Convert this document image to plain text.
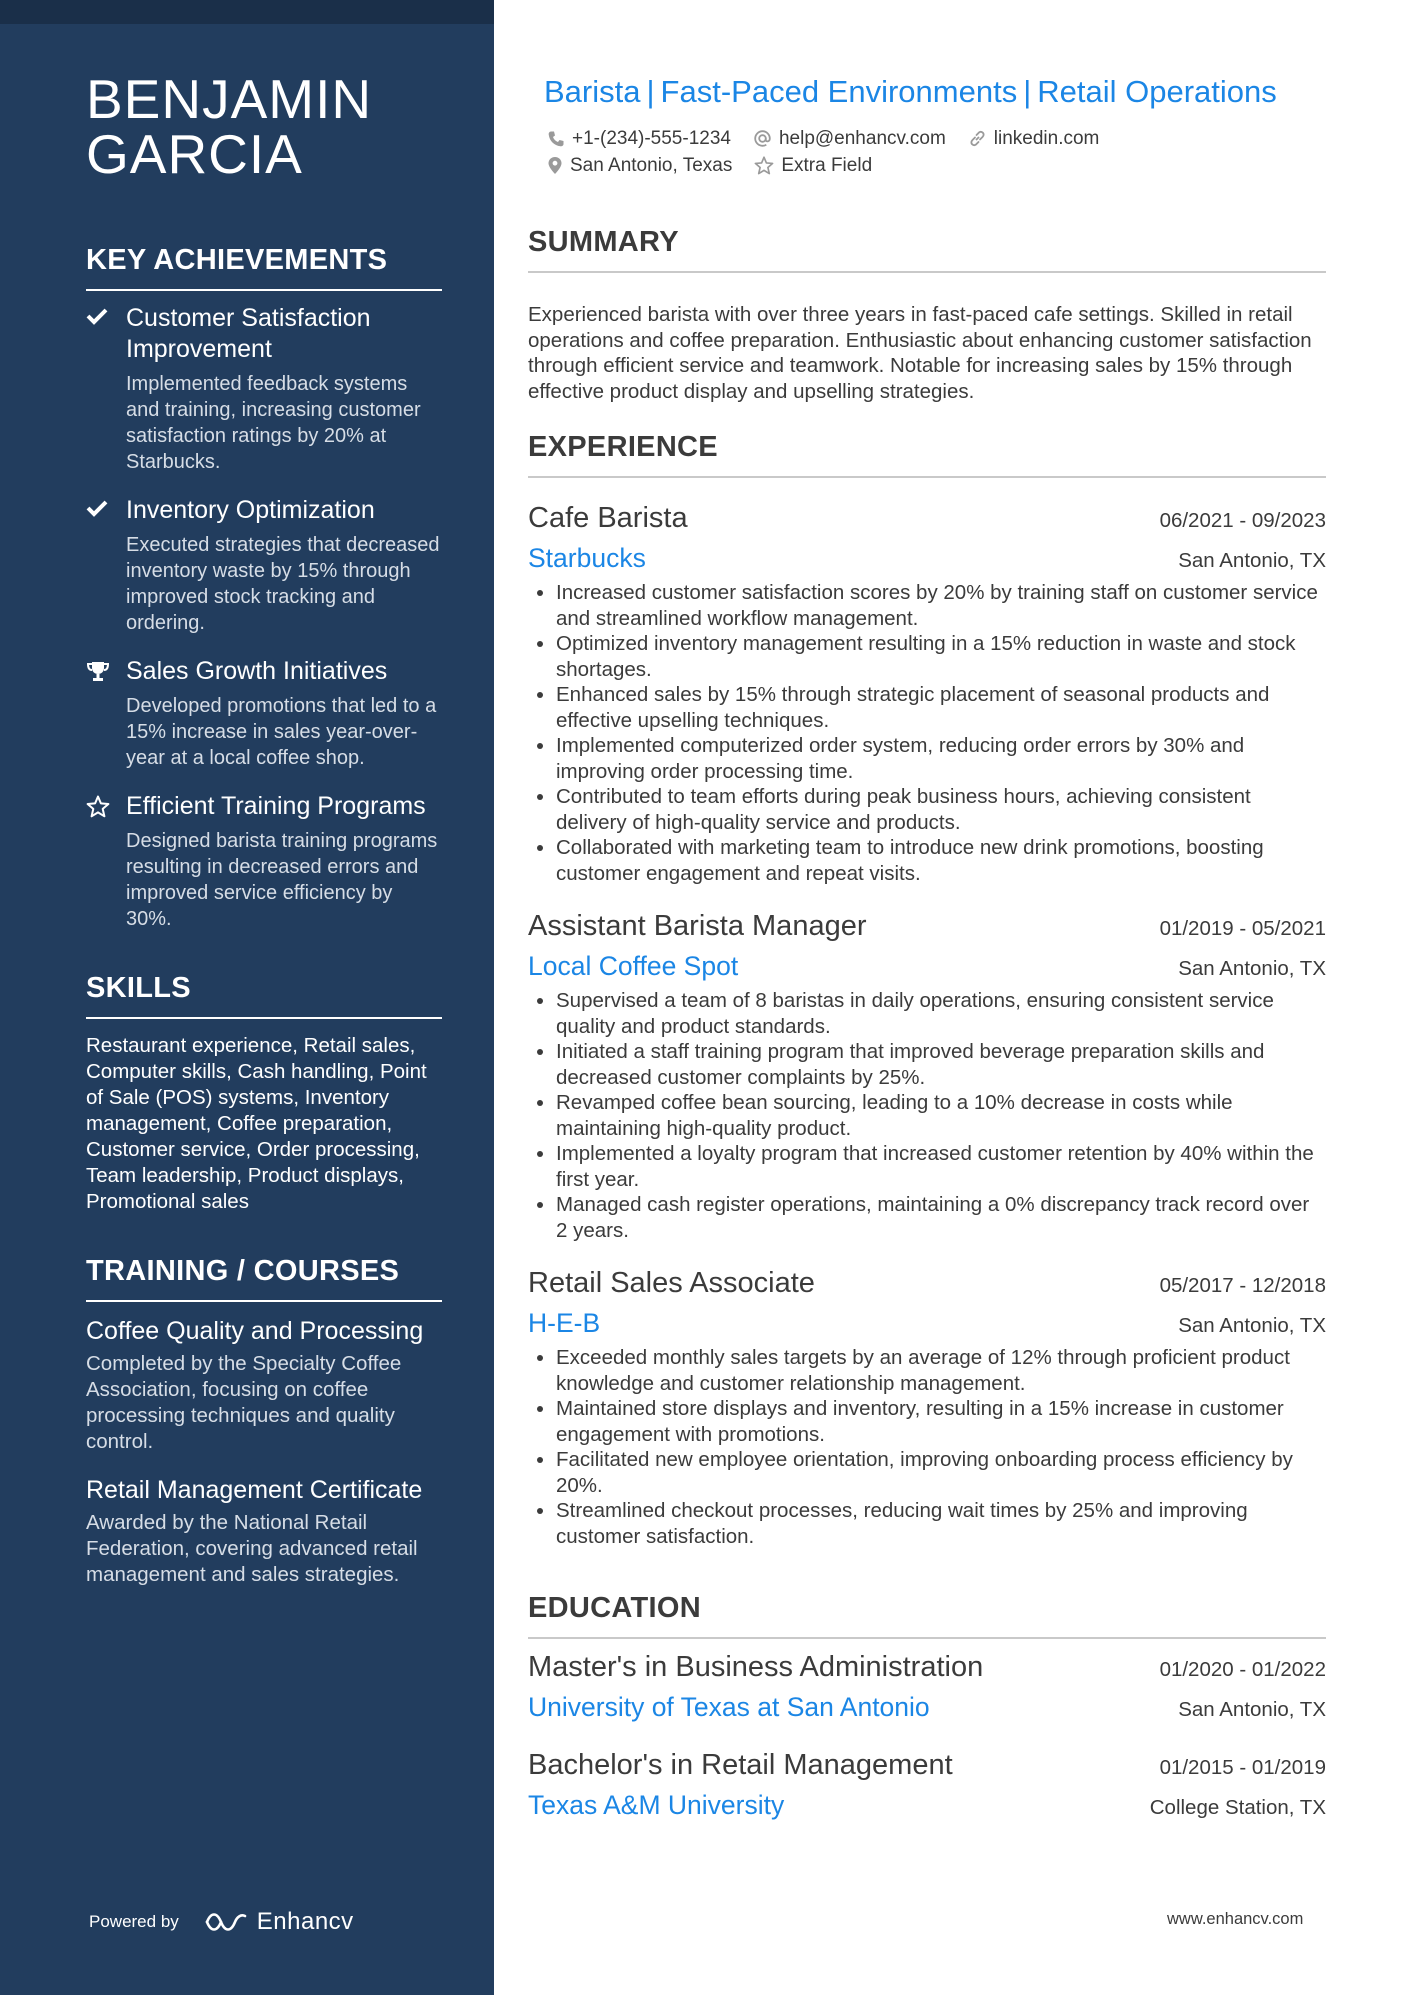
BENJAMIN
GARCIA
KEY ACHIEVEMENTS
Customer Satisfaction Improvement
Implemented feedback systems and training, increasing customer satisfaction ratings by 20% at Starbucks.
Inventory Optimization
Executed strategies that decreased inventory waste by 15% through improved stock tracking and ordering.
Sales Growth Initiatives
Developed promotions that led to a 15% increase in sales year-over-year at a local coffee shop.
Efficient Training Programs
Designed barista training programs resulting in decreased errors and improved service efficiency by 30%.
SKILLS
Restaurant experience, Retail sales, Computer skills, Cash handling, Point of Sale (POS) systems, Inventory management, Coffee preparation, Customer service, Order processing, Team leadership, Product displays, Promotional sales
TRAINING / COURSES
Coffee Quality and Processing
Completed by the Specialty Coffee Association, focusing on coffee processing techniques and quality control.
Retail Management Certificate
Awarded by the National Retail Federation, covering advanced retail management and sales strategies.
Powered by	Enhancv
Barista | Fast-Paced Environments | Retail Operations
+1-(234)-555-1234	help@enhancv.com	linkedin.com
San Antonio, Texas	Extra Field
SUMMARY
Experienced barista with over three years in fast-paced cafe settings. Skilled in retail operations and coffee preparation. Enthusiastic about enhancing customer satisfaction through efficient service and teamwork. Notable for increasing sales by 15% through effective product display and upselling strategies.
EXPERIENCE
Cafe Barista	06/2021 - 09/2023
Starbucks	San Antonio, TX
• Increased customer satisfaction scores by 20% by training staff on customer service and streamlined workflow management.
• Optimized inventory management resulting in a 15% reduction in waste and stock shortages.
• Enhanced sales by 15% through strategic placement of seasonal products and effective upselling techniques.
• Implemented computerized order system, reducing order errors by 30% and improving order processing time.
• Contributed to team efforts during peak business hours, achieving consistent delivery of high-quality service and products.
• Collaborated with marketing team to introduce new drink promotions, boosting customer engagement and repeat visits.
Assistant Barista Manager	01/2019 - 05/2021
Local Coffee Spot	San Antonio, TX
• Supervised a team of 8 baristas in daily operations, ensuring consistent service quality and product standards.
• Initiated a staff training program that improved beverage preparation skills and decreased customer complaints by 25%.
• Revamped coffee bean sourcing, leading to a 10% decrease in costs while maintaining high-quality product.
• Implemented a loyalty program that increased customer retention by 40% within the first year.
• Managed cash register operations, maintaining a 0% discrepancy track record over 2 years.
Retail Sales Associate	05/2017 - 12/2018
H-E-B	San Antonio, TX
• Exceeded monthly sales targets by an average of 12% through proficient product knowledge and customer relationship management.
• Maintained store displays and inventory, resulting in a 15% increase in customer engagement with promotions.
• Facilitated new employee orientation, improving onboarding process efficiency by 20%.
• Streamlined checkout processes, reducing wait times by 25% and improving customer satisfaction.
EDUCATION
Master's in Business Administration	01/2020 - 01/2022
University of Texas at San Antonio	San Antonio, TX
Bachelor's in Retail Management	01/2015 - 01/2019
Texas A&M University	College Station, TX
www.enhancv.com
